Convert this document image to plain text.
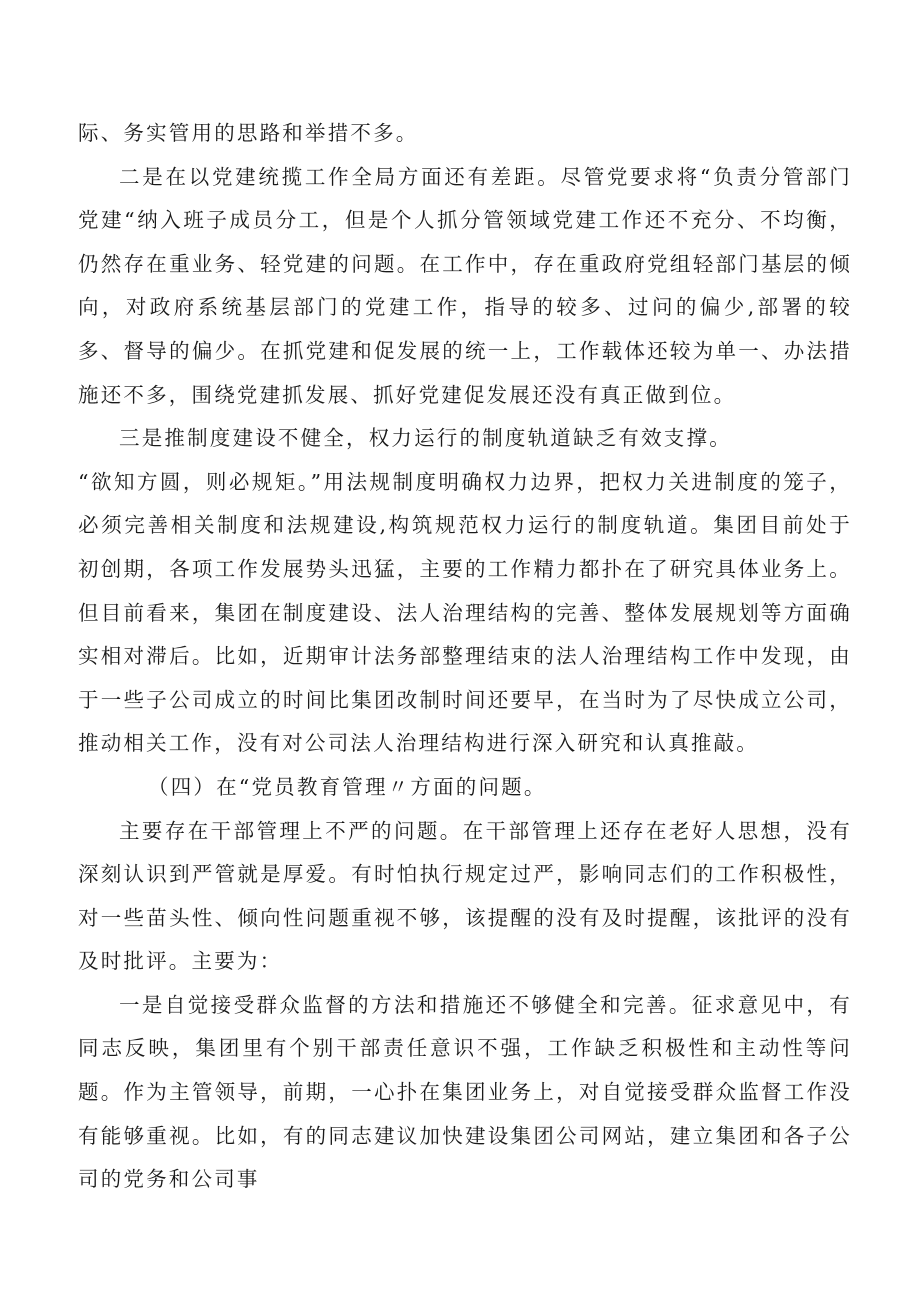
际、务实管用的思路和举措不多。

二是在以党建统揽工作全局方面还有差距。尽管党要求将“负责分管部门党建“纳入班子成员分工，但是个人抓分管领域党建工作还不充分、不均衡，仍然存在重业务、轻党建的问题。在工作中，存在重政府党组轻部门基层的倾向，对政府系统基层部门的党建工作，指导的较多、过问的偏少,部署的较多、督导的偏少。在抓党建和促发展的统一上，工作载体还较为单一、办法措施还不多，围绕党建抓发展、抓好党建促发展还没有真正做到位。

三是推制度建设不健全，权力运行的制度轨道缺乏有效支撑。

“欲知方圆，则必规矩。”用法规制度明确权力边界，把权力关进制度的笼子，必须完善相关制度和法规建设,构筑规范权力运行的制度轨道。集团目前处于初创期，各项工作发展势头迅猛，主要的工作精力都扑在了研究具体业务上。但目前看来，集团在制度建设、法人治理结构的完善、整体发展规划等方面确实相对滞后。比如，近期审计法务部整理结束的法人治理结构工作中发现，由于一些子公司成立的时间比集团改制时间还要早，在当时为了尽快成立公司，推动相关工作，没有对公司法人治理结构进行深入研究和认真推敲。

（四）在“党员教育管理〃方面的问题。

主要存在干部管理上不严的问题。在干部管理上还存在老好人思想，没有深刻认识到严管就是厚爱。有时怕执行规定过严，影响同志们的工作积极性，对一些苗头性、倾向性问题重视不够，该提醒的没有及时提醒，该批评的没有及时批评。主要为：

一是自觉接受群众监督的方法和措施还不够健全和完善。征求意见中，有同志反映，集团里有个别干部责任意识不强，工作缺乏积极性和主动性等问题。作为主管领导，前期，一心扑在集团业务上，对自觉接受群众监督工作没有能够重视。比如，有的同志建议加快建设集团公司网站，建立集团和各子公司的党务和公司事
